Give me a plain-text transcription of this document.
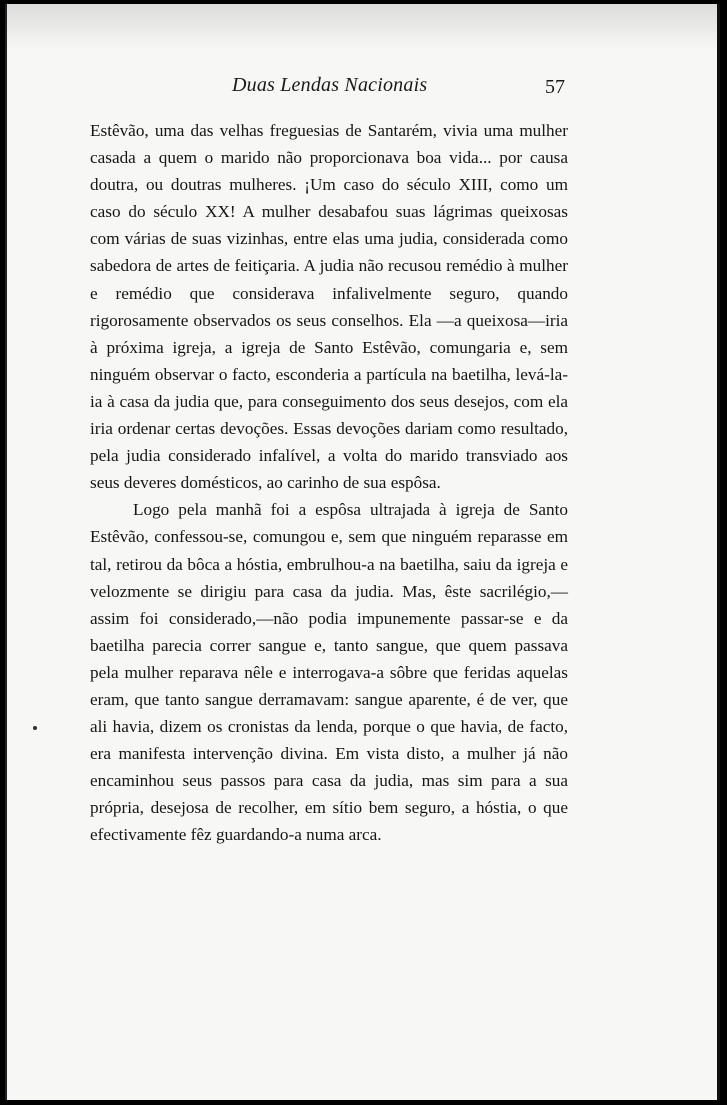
Duas Lendas Nacionais	57

Estêvão, uma das velhas freguesias de Santarém, vivia uma mulher casada a quem o marido não proporcionava boa vida... por causa doutra, ou doutras mulheres. ¡Um caso do século XIII, como um caso do século XX! A mulher desabafou suas lágrimas queixosas com várias de suas vizinhas, entre elas uma judia, considerada como sabedora de artes de feitiçaria. A judia não recusou remédio à mulher e remédio que considerava infalivelmente seguro, quando rigorosamente observados os seus conselhos. Ela —a queixosa—iria à próxima igreja, a igreja de Santo Estêvão, comungaria e, sem ninguém observar o facto, esconderia a partícula na baetilha, levá-la-ia à casa da judia que, para conseguimento dos seus desejos, com ela iria ordenar certas devoções. Essas devoções dariam como resultado, pela judia considerado infalível, a volta do marido transviado aos seus deveres domésticos, ao carinho de sua espôsa.

Logo pela manhã foi a espôsa ultrajada à igreja de Santo Estêvão, confessou-se, comungou e, sem que ninguém reparasse em tal, retirou da bôca a hóstia, embrulhou-a na baetilha, saiu da igreja e velozmente se dirigiu para casa da judia. Mas, êste sacrilégio,—assim foi considerado,—não podia impunemente passar-se e da baetilha parecia correr sangue e, tanto sangue, que quem passava pela mulher reparava nêle e interrogava-a sôbre que feridas aquelas eram, que tanto sangue derramavam: sangue aparente, é de ver, que ali havia, dizem os cronistas da lenda, porque o que havia, de facto, era manifesta intervenção divina. Em vista disto, a mulher já não encaminhou seus passos para casa da judia, mas sim para a sua própria, desejosa de recolher, em sítio bem seguro, a hóstia, o que efectivamente fêz guardando-a numa arca.
